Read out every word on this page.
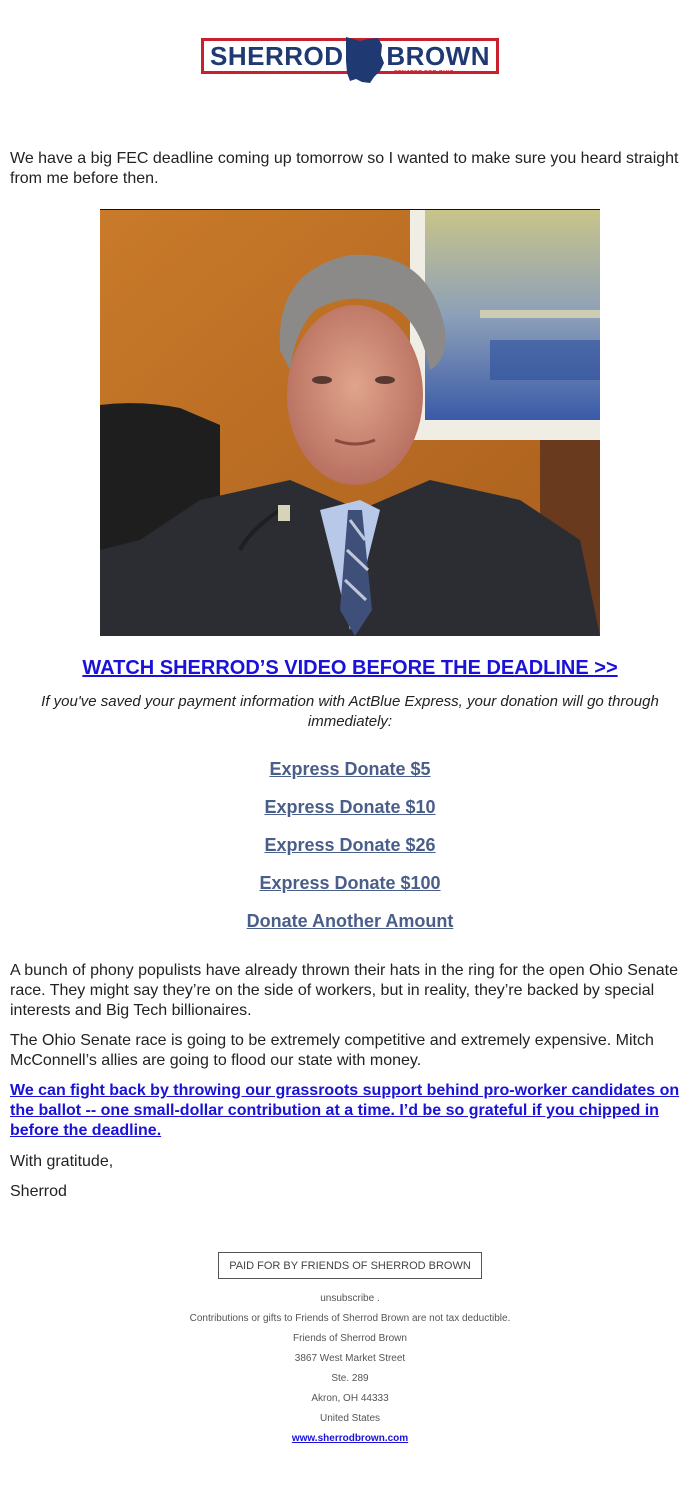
SHERROD BROWN
SENATOR FOR OHIO

We have a big FEC deadline coming up tomorrow so I wanted to make sure you heard straight from me before then.

WATCH SHERROD’S VIDEO BEFORE THE DEADLINE >>

If you've saved your payment information with ActBlue Express, your donation will go through immediately:

Express Donate $5
Express Donate $10
Express Donate $26
Express Donate $100
Donate Another Amount

A bunch of phony populists have already thrown their hats in the ring for the open Ohio Senate race. They might say they’re on the side of workers, but in reality, they’re backed by special interests and Big Tech billionaires.

The Ohio Senate race is going to be extremely competitive and extremely expensive. Mitch McConnell’s allies are going to flood our state with money.

We can fight back by throwing our grassroots support behind pro-worker candidates on the ballot -- one small-dollar contribution at a time. I’d be so grateful if you chipped in before the deadline.

With gratitude,

Sherrod

PAID FOR BY FRIENDS OF SHERROD BROWN
unsubscribe .
Contributions or gifts to Friends of Sherrod Brown are not tax deductible.
Friends of Sherrod Brown
3867 West Market Street
Ste. 289
Akron, OH 44333
United States
www.sherrodbrown.com
